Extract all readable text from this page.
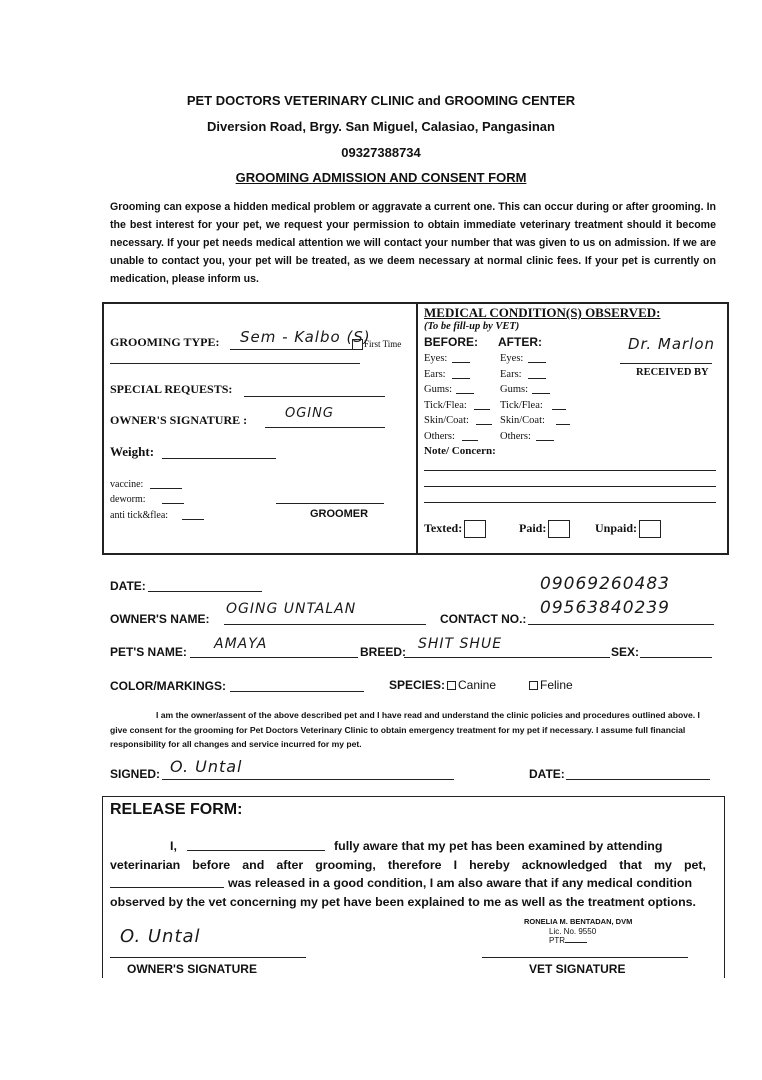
PET DOCTORS VETERINARY CLINIC and GROOMING CENTER
Diversion Road, Brgy. San Miguel, Calasiao, Pangasinan
09327388734
GROOMING ADMISSION AND CONSENT FORM
Grooming can expose a hidden medical problem or aggravate a current one. This can occur during or after grooming. In the best interest for your pet, we request your permission to obtain immediate veterinary treatment should it become necessary. If your pet needs medical attention we will contact your number that was given to us on admission. If we are unable to contact you, your pet will be treated, as we deem necessary at normal clinic fees. If your pet is currently on medication, please inform us.
GROOMING TYPE: Sem - Kalbo (S)
First Time
SPECIAL REQUESTS:
OWNER'S SIGNATURE :	OGING
Weight:
vaccine:
deworm:
anti tick&flea:	GROOMER
MEDICAL CONDITION(S) OBSERVED:
(To be fill-up by VET)
BEFORE: AFTER:
Eyes:	Eyes:
Ears:	Ears:
Gums:	Gums:
Tick/Flea:	Tick/Flea:
Skin/Coat:	Skin/Coat:
Others:	Others:
Dr. Marlon
RECEIVED BY
Note/ Concern:
Texted:	Paid:	Unpaid:
DATE:
OWNER'S NAME:
OGING UNTALAN
CONTACT NO.:
09069260483
09563840239
PET'S NAME: AMAYA	BREED: SHIT SHUE	SEX:
COLOR/MARKINGS:	SPECIES: Canine	Feline
I am the owner/assent of the above described pet and I have read and understand the clinic policies and procedures outlined above. I give consent for the grooming for Pet Doctors Veterinary Clinic to obtain emergency treatment for my pet if necessary. I assume full financial responsibility for all changes and service incurred for my pet.
SIGNED: O. Untal	DATE:
RELEASE FORM:
I,	fully aware that my pet has been examined by attending
veterinarian before and after grooming, therefore I hereby acknowledged that my pet,
was released in a good condition, I am also aware that if any medical condition
observed by the vet concerning my pet have been explained to me as well as the treatment options.
O. Untal
OWNER'S SIGNATURE
RONELIA M. BENTADAN, DVM
Lic. No. 9550
PTR
VET SIGNATURE
